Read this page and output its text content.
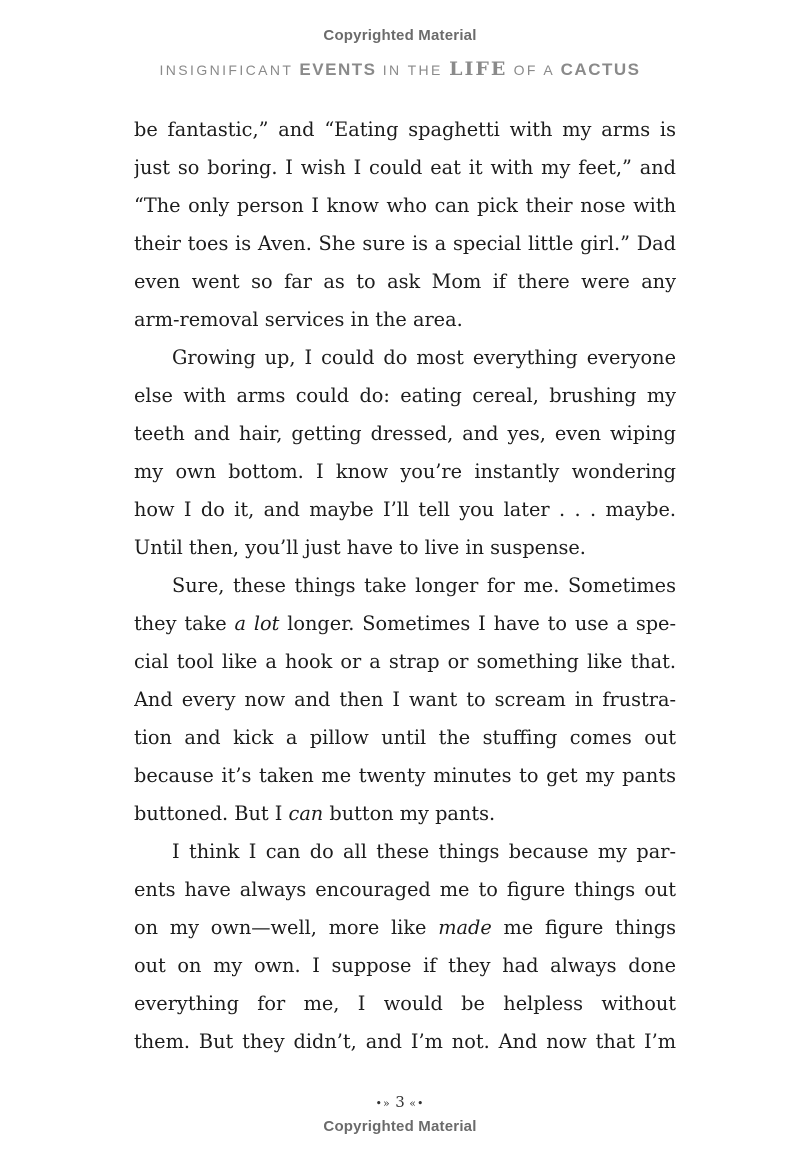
Copyrighted Material
INSIGNIFICANT EVENTS IN THE LIFE OF A CACTUS
be fantastic,” and “Eating spaghetti with my arms is
just so boring. I wish I could eat it with my feet,” and
“The only person I know who can pick their nose with
their toes is Aven. She sure is a special little girl.” Dad
even went so far as to ask Mom if there were any
arm-removal services in the area.
Growing up, I could do most everything everyone
else with arms could do: eating cereal, brushing my
teeth and hair, getting dressed, and yes, even wiping
my own bottom. I know you’re instantly wondering
how I do it, and maybe I’ll tell you later . . . maybe.
Until then, you’ll just have to live in suspense.
Sure, these things take longer for me. Sometimes
they take a lot longer. Sometimes I have to use a spe-
cial tool like a hook or a strap or something like that.
And every now and then I want to scream in frustra-
tion and kick a pillow until the stuffing comes out
because it’s taken me twenty minutes to get my pants
buttoned. But I can button my pants.
I think I can do all these things because my par-
ents have always encouraged me to figure things out
on my own—well, more like made me figure things
out on my own. I suppose if they had always done
everything for me, I would be helpless without
them. But they didn’t, and I’m not. And now that I’m
•» 3 «•
Copyrighted Material
